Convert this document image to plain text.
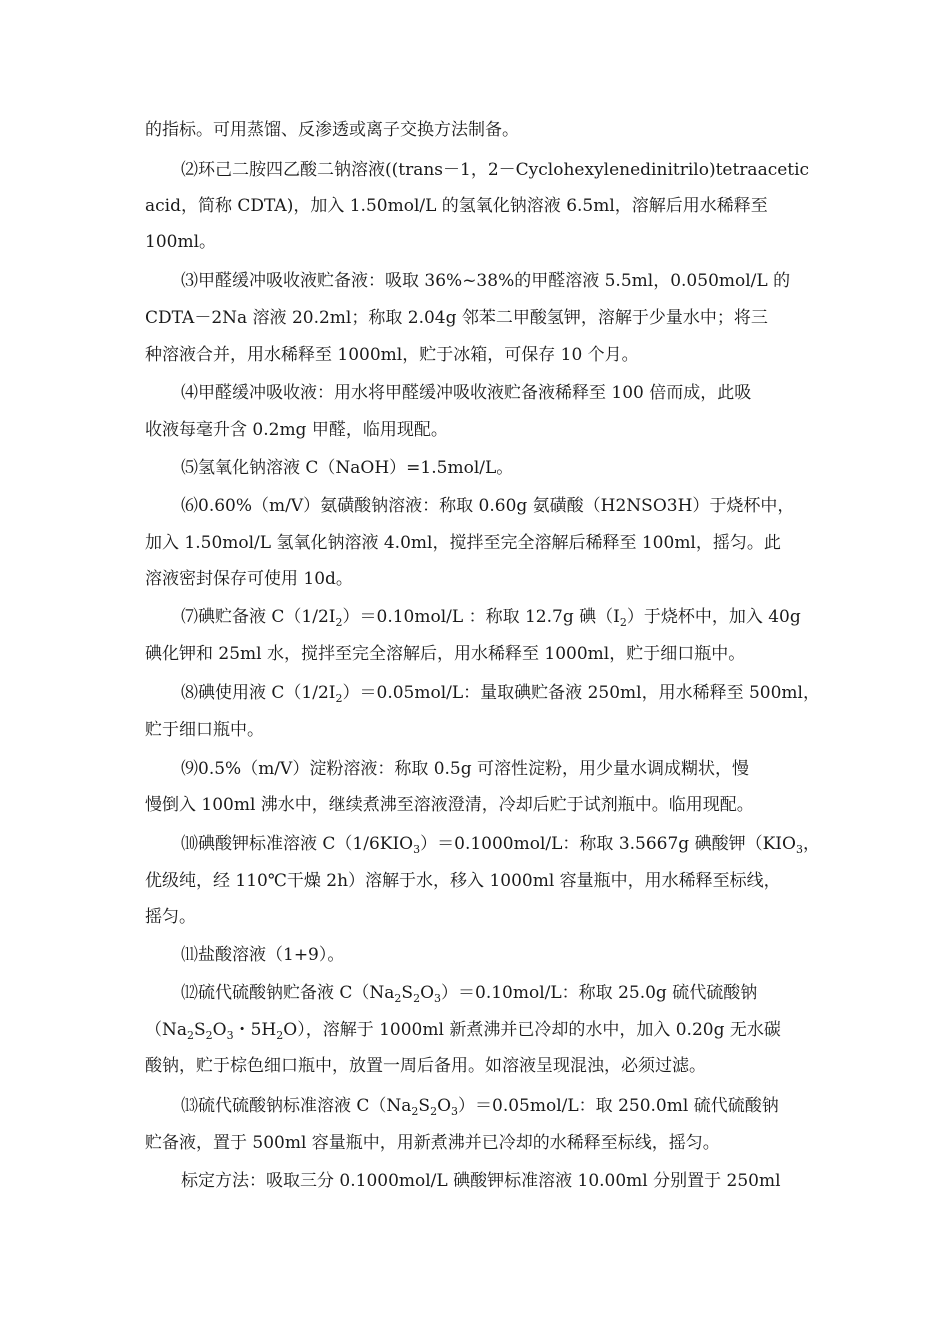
的指标。可用蒸馏、反渗透或离子交换方法制备。
⑵环己二胺四乙酸二钠溶液((trans－1，2－Cyclohexylenedinitrilo)tetraacetic
acid，简称 CDTA)，加入 1.50mol/L 的氢氧化钠溶液 6.5ml，溶解后用水稀释至
100ml。
⑶甲醛缓冲吸收液贮备液：吸取 36%~38%的甲醛溶液 5.5ml，0.050mol/L 的
CDTA－2Na 溶液 20.2ml；称取 2.04g 邻苯二甲酸氢钾，溶解于少量水中；将三
种溶液合并，用水稀释至 1000ml，贮于冰箱，可保存 10 个月。
⑷甲醛缓冲吸收液：用水将甲醛缓冲吸收液贮备液稀释至 100 倍而成，此吸
收液每毫升含 0.2mg 甲醛，临用现配。
⑸氢氧化钠溶液 C（NaOH）=1.5mol/L。
⑹0.60%（m/V）氨磺酸钠溶液：称取 0.60g 氨磺酸（H2NSO3H）于烧杯中，
加入 1.50mol/L 氢氧化钠溶液 4.0ml，搅拌至完全溶解后稀释至 100ml，摇匀。此
溶液密封保存可使用 10d。
⑺碘贮备液 $C(1/2I_2)=0.10mol/L$ ：称取 12.7g 碘$(I_2)$于烧杯中，加入 40g
碘化钾和 25ml 水，搅拌至完全溶解后，用水稀释至 1000ml，贮于细口瓶中。
⑻碘使用液 $C(1/2I_2)=0.05mol/L$：量取碘贮备液 250ml，用水稀释至 500ml，
贮于细口瓶中。
⑼0.5%（m/V）淀粉溶液：称取 0.5g 可溶性淀粉，用少量水调成糊状，慢
慢倒入 100ml 沸水中，继续煮沸至溶液澄清，冷却后贮于试剂瓶中。临用现配。
⑽碘酸钾标准溶液 $C(1/6KIO_3)=0.1000mol/L$：称取 3.5667g 碘酸钾（$KIO_3$，
优级纯，经 110℃干燥 2h）溶解于水，移入 1000ml 容量瓶中，用水稀释至标线，
摇匀。
⑾盐酸溶液（1+9）。
⑿硫代硫酸钠贮备液 $C(Na_2S_2O_3)=0.10mol/L$：称取 25.0g 硫代硫酸钠
（$Na_2S_2O_3$・$5H_2O$），溶解于 1000ml 新煮沸并已冷却的水中，加入 0.20g 无水碳
酸钠，贮于棕色细口瓶中，放置一周后备用。如溶液呈现混浊，必须过滤。
⒀硫代硫酸钠标准溶液 $C(Na_2S_2O_3)=0.05mol/L$：取 250.0ml 硫代硫酸钠
贮备液，置于 500ml 容量瓶中，用新煮沸并已冷却的水稀释至标线，摇匀。
标定方法：吸取三分 0.1000mol/L 碘酸钾标准溶液 10.00ml 分别置于 250ml
